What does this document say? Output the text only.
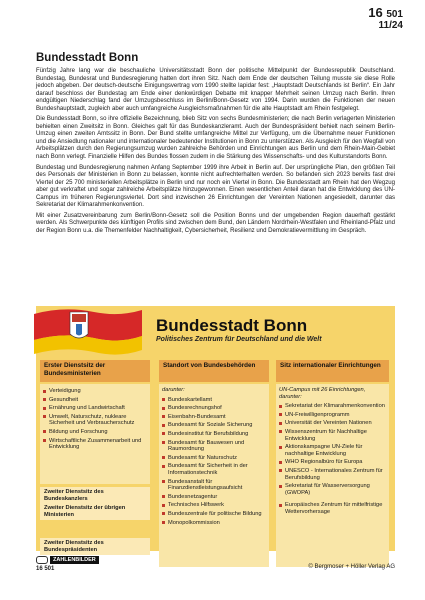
16 501
11/24
Bundesstadt Bonn

Fünfzig Jahre lang war die beschauliche Universitätsstadt Bonn der politische Mittelpunkt der Bundesrepublik Deutschland. Bundestag, Bundesrat und Bundesregierung hatten dort ihren Sitz. Nach dem Ende der deutschen Teilung musste sie diese Rolle jedoch abgeben. Der deutsch-deutsche Einigungsvertrag vom 1990 stellte lapidar fest: „Hauptstadt Deutschlands ist Berlin“. Ein Jahr darauf beschloss der Bundestag am Ende einer denkwürdigen Debatte mit knapper Mehrheit seinen Umzug nach Berlin. Ihren endgültigen Niederschlag fand der Umzugsbeschluss im Berlin/Bonn-Gesetz von 1994. Darin wurden die Funktionen der neuen Bundeshauptstadt, zugleich aber auch umfangreiche Ausgleichsmaßnahmen für die alte Hauptstadt am Rhein festgelegt.

Die Bundesstadt Bonn, so ihre offizielle Bezeichnung, blieb Sitz von sechs Bundesministerien; die nach Berlin verlagerten Ministerien behielten einen Zweitsitz in Bonn. Gleiches galt für das Bundeskanzleramt. Auch der Bundespräsident behielt nach seinem Berlin-Umzug einen zweiten Amtssitz in Bonn. Der Bund stellte umfangreiche Mittel zur Verfügung, um die Übernahme neuer Funktionen und die Ansiedlung nationaler und internationaler bedeutender Institutionen in Bonn zu unterstützen. Als Ausgleich für den Wegfall von Arbeitsplätzen durch den Regierungsumzug wurden zahlreiche Behörden und Einrichtungen aus Berlin und dem Rhein-Main-Gebiet nach Bonn verlegt. Finanzielle Hilfen des Bundes flossen zudem in die Stärkung des Wissenschafts- und des Kulturstandorts Bonn.

Bundestag und Bundesregierung nahmen Anfang September 1999 ihre Arbeit in Berlin auf. Der ursprüngliche Plan, den größten Teil des Personals der Ministerien in Bonn zu belassen, konnte nicht aufrechterhalten werden. So befanden sich 2023 bereits fast drei Viertel der 25 700 ministeriellen Arbeitsplätze in Berlin und nur noch ein Viertel in Bonn. Die Bundesstadt am Rhein hat den Wegzug aber gut verkraftet und sogar zahlreiche Arbeitsplätze hinzugewonnen. Einen wesentlichen Anteil daran hat die Entwicklung des UN-Campus im früheren Regierungsviertel. Dort sind inzwischen 26 Einrichtungen der Vereinten Nationen angesiedelt, darunter das Sekretariat der Klimarahmenkonvention.

Mit einer Zusatzvereinbarung zum Berlin/Bonn-Gesetz soll die Position Bonns und der umgebenden Region dauerhaft gestärkt werden. Als Schwerpunkte des künftigen Profils sind zwischen dem Bund, den Ländern Nordrhein-Westfalen und Rheinland-Pfalz und der Region Bonn u.a. die Themenfelder Nachhaltigkeit, Cybersicherheit, Resilienz und Demokratievermittlung im Gespräch.

Bundesstadt Bonn
Politisches Zentrum für Deutschland und die Welt
Erster Dienstsitz der Bundesministerien
Verteidigung
Gesundheit
Ernährung und Landwirtschaft
Umwelt, Naturschutz, nukleare Sicherheit und Verbraucherschutz
Bildung und Forschung
Wirtschaftliche Zusammenarbeit und Entwicklung
Zweiter Dienstsitz des Bundeskanzlers
Zweiter Dienstsitz der übrigen Ministerien
Zweiter Dienstsitz des Bundespräsidenten
Standort von Bundesbehörden
darunter:
Bundeskartellamt
Bundesrechnungshof
Eisenbahn-Bundesamt
Bundesamt für Soziale Sicherung
Bundesinstitut für Berufsbildung
Bundesamt für Bauwesen und Raumordnung
Bundesamt für Naturschutz
Bundesamt für Sicherheit in der Informationstechnik
Bundesanstalt für Finanzdienstleistungsaufsicht
Bundesnetzagentur
Technisches Hilfswerk
Bundeszentrale für politische Bildung
Monopolkommission
Sitz internationaler Einrichtungen
UN-Campus mit 26 Einrichtungen, darunter:
Sekretariat der Klimarahmenkonvention
UN-Freiwilligenprogramm
Universität der Vereinten Nationen
Wissenszentrum für Nachhaltige Entwicklung
Aktionskampagne UN-Ziele für nachhaltige Entwicklung
WHO Regionalbüro für Europa
UNESCO - Internationales Zentrum für Berufsbildung
Sekretariat für Wasserversorgung (GWOPA)
Europäisches Zentrum für mittelfristige Wettervorhersage
ZAHLENBILDER
16 501	© Bergmoser + Höller Verlag AG
